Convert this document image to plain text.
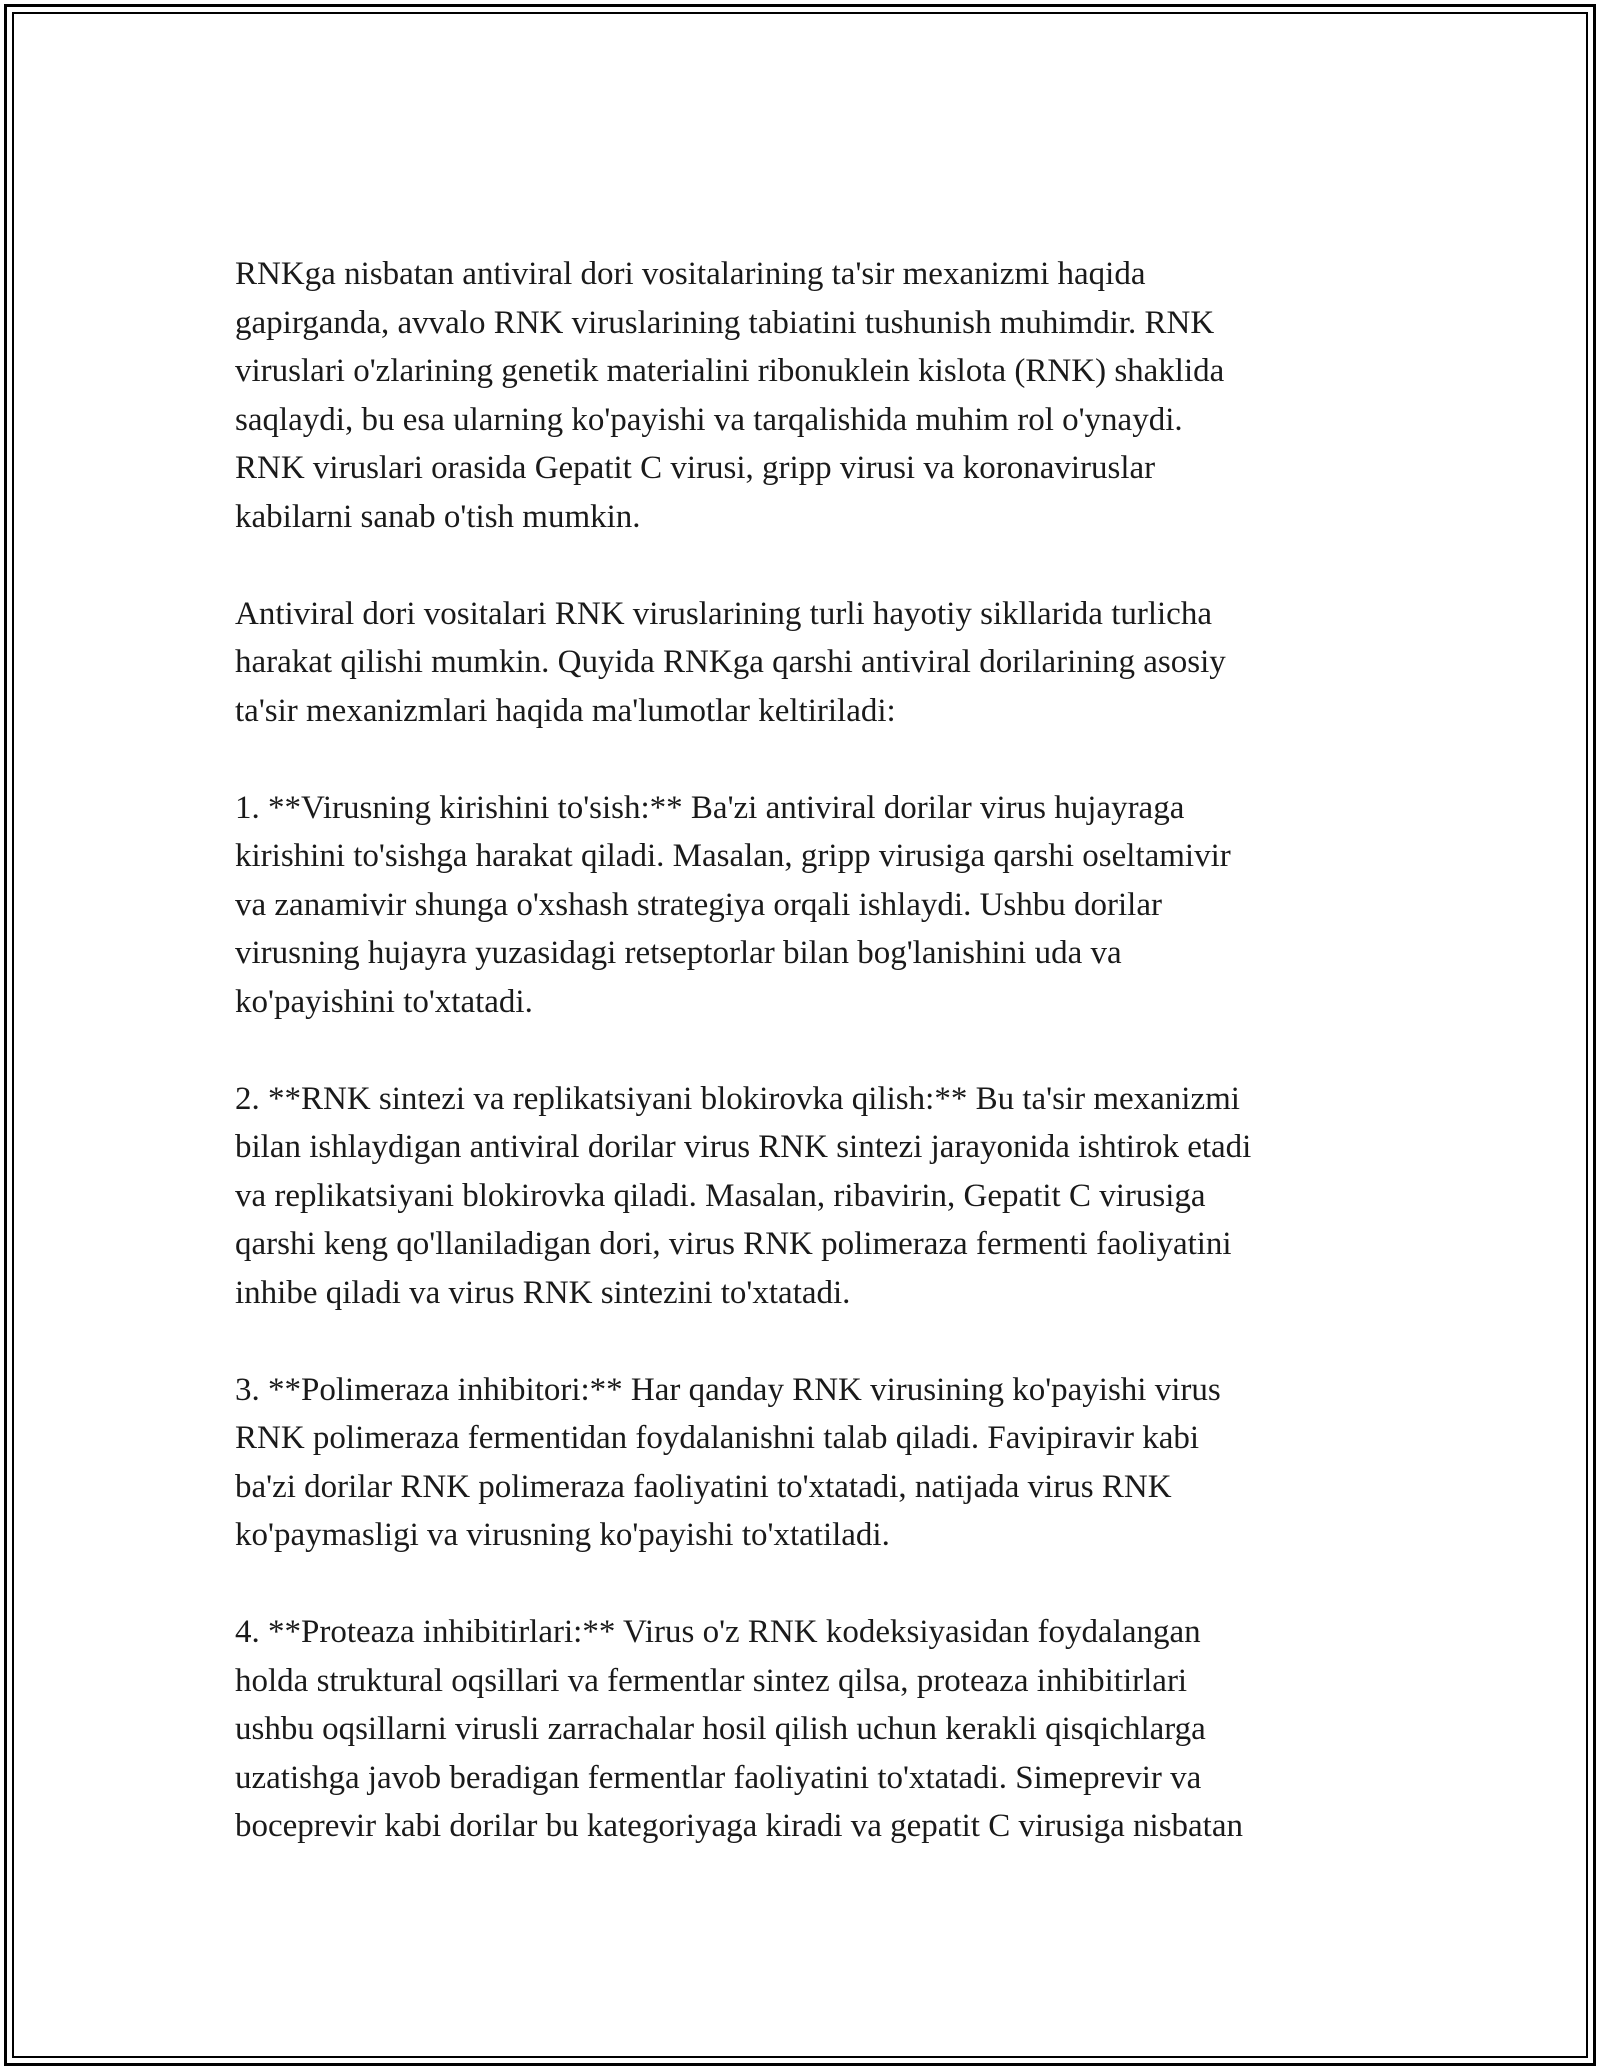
RNKga nisbatan antiviral dori vositalarining ta'sir mexanizmi haqida
gapirganda, avvalo RNK viruslarining tabiatini tushunish muhimdir. RNK
viruslari o'zlarining genetik materialini ribonuklein kislota (RNK) shaklida
saqlaydi, bu esa ularning ko'payishi va tarqalishida muhim rol o'ynaydi.
RNK viruslari orasida Gepatit C virusi, gripp virusi va koronaviruslar
kabilarni sanab o'tish mumkin.

Antiviral dori vositalari RNK viruslarining turli hayotiy sikllarida turlicha
harakat qilishi mumkin. Quyida RNKga qarshi antiviral dorilarining asosiy
ta'sir mexanizmlari haqida ma'lumotlar keltiriladi:

1. **Virusning kirishini to'sish:** Ba'zi antiviral dorilar virus hujayraga
kirishini to'sishga harakat qiladi. Masalan, gripp virusiga qarshi oseltamivir
va zanamivir shunga o'xshash strategiya orqali ishlaydi. Ushbu dorilar
virusning hujayra yuzasidagi retseptorlar bilan bog'lanishini uda va
ko'payishini to'xtatadi.

2. **RNK sintezi va replikatsiyani blokirovka qilish:** Bu ta'sir mexanizmi
bilan ishlaydigan antiviral dorilar virus RNK sintezi jarayonida ishtirok etadi
va replikatsiyani blokirovka qiladi. Masalan, ribavirin, Gepatit C virusiga
qarshi keng qo'llaniladigan dori, virus RNK polimeraza fermenti faoliyatini
inhibe qiladi va virus RNK sintezini to'xtatadi.

3. **Polimeraza inhibitori:** Har qanday RNK virusining ko'payishi virus
RNK polimeraza fermentidan foydalanishni talab qiladi. Favipiravir kabi
ba'zi dorilar RNK polimeraza faoliyatini to'xtatadi, natijada virus RNK
ko'paymasligi va virusning ko'payishi to'xtatiladi.

4. **Proteaza inhibitirlari:** Virus o'z RNK kodeksiyasidan foydalangan
holda struktural oqsillari va fermentlar sintez qilsa, proteaza inhibitirlari
ushbu oqsillarni virusli zarrachalar hosil qilish uchun kerakli qisqichlarga
uzatishga javob beradigan fermentlar faoliyatini to'xtatadi. Simeprevir va
boceprevir kabi dorilar bu kategoriyaga kiradi va gepatit C virusiga nisbatan
